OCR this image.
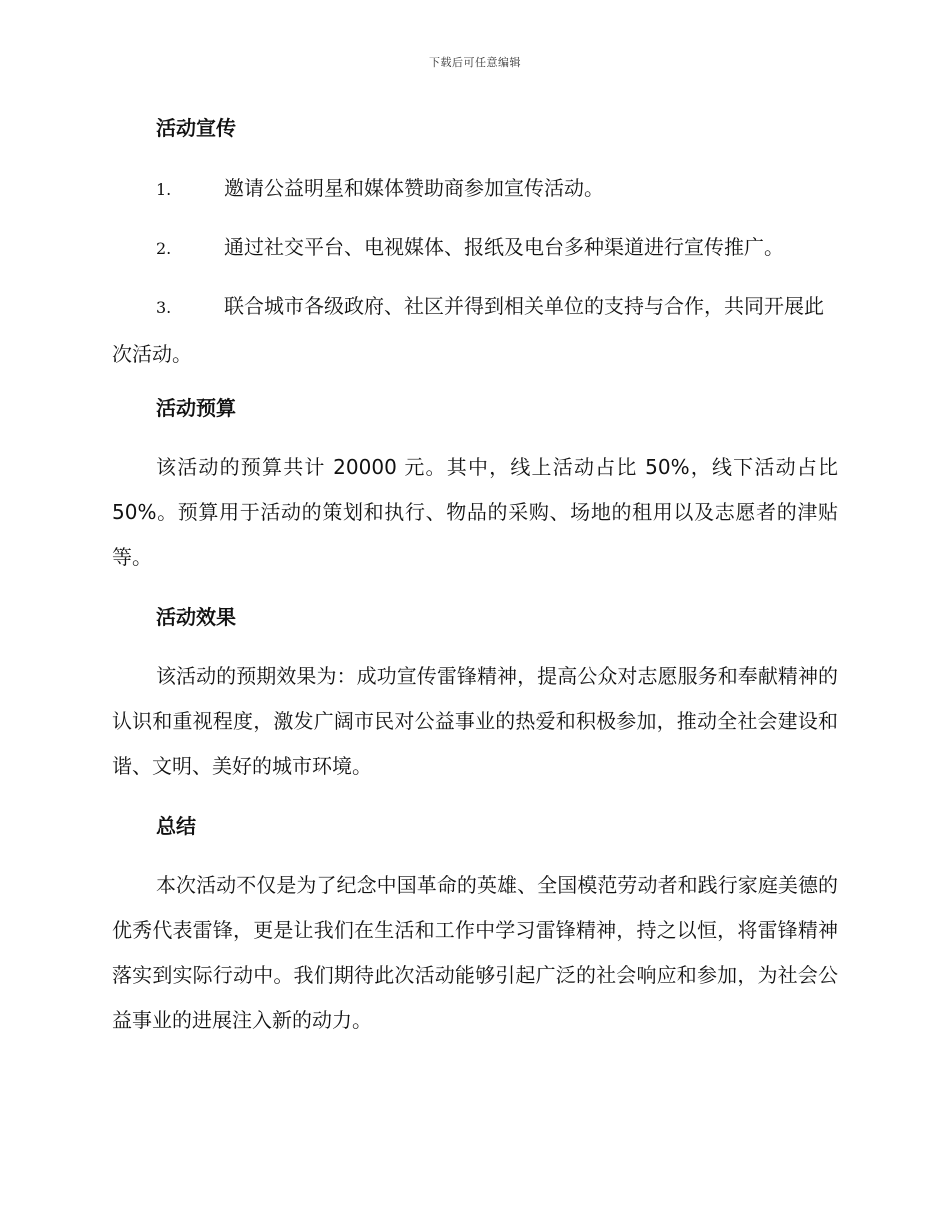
下载后可任意编辑
活动宣传
1.	邀请公益明星和媒体赞助商参加宣传活动。
2.	通过社交平台、电视媒体、报纸及电台多种渠道进行宣传推广。
3.	联合城市各级政府、社区并得到相关单位的支持与合作，共同开展此次活动。
活动预算

该活动的预算共计 20000 元。其中，线上活动占比 50%，线下活动占比 50%。预算用于活动的策划和执行、物品的采购、场地的租用以及志愿者的津贴等。

活动效果

该活动的预期效果为：成功宣传雷锋精神，提高公众对志愿服务和奉献精神的认识和重视程度，激发广阔市民对公益事业的热爱和积极参加，推动全社会建设和谐、文明、美好的城市环境。

总结

本次活动不仅是为了纪念中国革命的英雄、全国模范劳动者和践行家庭美德的优秀代表雷锋，更是让我们在生活和工作中学习雷锋精神，持之以恒，将雷锋精神落实到实际行动中。我们期待此次活动能够引起广泛的社会响应和参加，为社会公益事业的进展注入新的动力。
